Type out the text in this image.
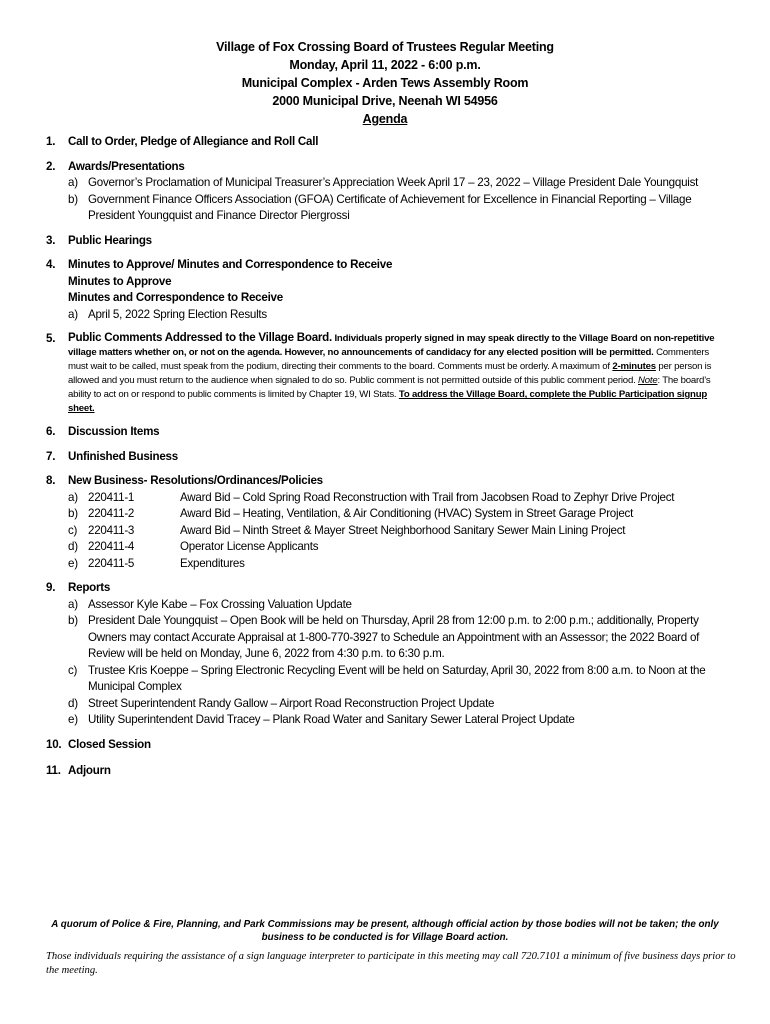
Village of Fox Crossing Board of Trustees Regular Meeting
Monday, April 11, 2022 - 6:00 p.m.
Municipal Complex - Arden Tews Assembly Room
2000 Municipal Drive, Neenah WI 54956
Agenda
1. Call to Order, Pledge of Allegiance and Roll Call
2. Awards/Presentations
a) Governor’s Proclamation of Municipal Treasurer’s Appreciation Week April 17 – 23, 2022 – Village President Dale Youngquist
b) Government Finance Officers Association (GFOA) Certificate of Achievement for Excellence in Financial Reporting – Village President Youngquist and Finance Director Piergrossi
3. Public Hearings
4. Minutes to Approve/ Minutes and Correspondence to Receive
Minutes to Approve
Minutes and Correspondence to Receive
a) April 5, 2022 Spring Election Results
5. Public Comments Addressed to the Village Board. Individuals properly signed in may speak directly to the Village Board on non-repetitive village matters whether on, or not on the agenda. However, no announcements of candidacy for any elected position will be permitted. Commenters must wait to be called, must speak from the podium, directing their comments to the board. Comments must be orderly. A maximum of 2-minutes per person is allowed and you must return to the audience when signaled to do so. Public comment is not permitted outside of this public comment period. Note: The board’s ability to act on or respond to public comments is limited by Chapter 19, WI Stats. To address the Village Board, complete the Public Participation signup sheet.
6. Discussion Items
7. Unfinished Business
8. New Business- Resolutions/Ordinances/Policies
a) 220411-1	Award Bid – Cold Spring Road Reconstruction with Trail from Jacobsen Road to Zephyr Drive Project
b) 220411-2	Award Bid – Heating, Ventilation, & Air Conditioning (HVAC) System in Street Garage Project
c) 220411-3	Award Bid – Ninth Street & Mayer Street Neighborhood Sanitary Sewer Main Lining Project
d) 220411-4	Operator License Applicants
e) 220411-5	Expenditures
9. Reports
a) Assessor Kyle Kabe – Fox Crossing Valuation Update
b) President Dale Youngquist – Open Book will be held on Thursday, April 28 from 12:00 p.m. to 2:00 p.m.; additionally, Property Owners may contact Accurate Appraisal at 1-800-770-3927 to Schedule an Appointment with an Assessor; the 2022 Board of Review will be held on Monday, June 6, 2022 from 4:30 p.m. to 6:30 p.m.
c) Trustee Kris Koeppe – Spring Electronic Recycling Event will be held on Saturday, April 30, 2022 from 8:00 a.m. to Noon at the Municipal Complex
d) Street Superintendent Randy Gallow – Airport Road Reconstruction Project Update
e) Utility Superintendent David Tracey – Plank Road Water and Sanitary Sewer Lateral Project Update
10. Closed Session
11. Adjourn
A quorum of Police & Fire, Planning, and Park Commissions may be present, although official action by those bodies will not be taken; the only business to be conducted is for Village Board action.
Those individuals requiring the assistance of a sign language interpreter to participate in this meeting may call 720.7101 a minimum of five business days prior to the meeting.
